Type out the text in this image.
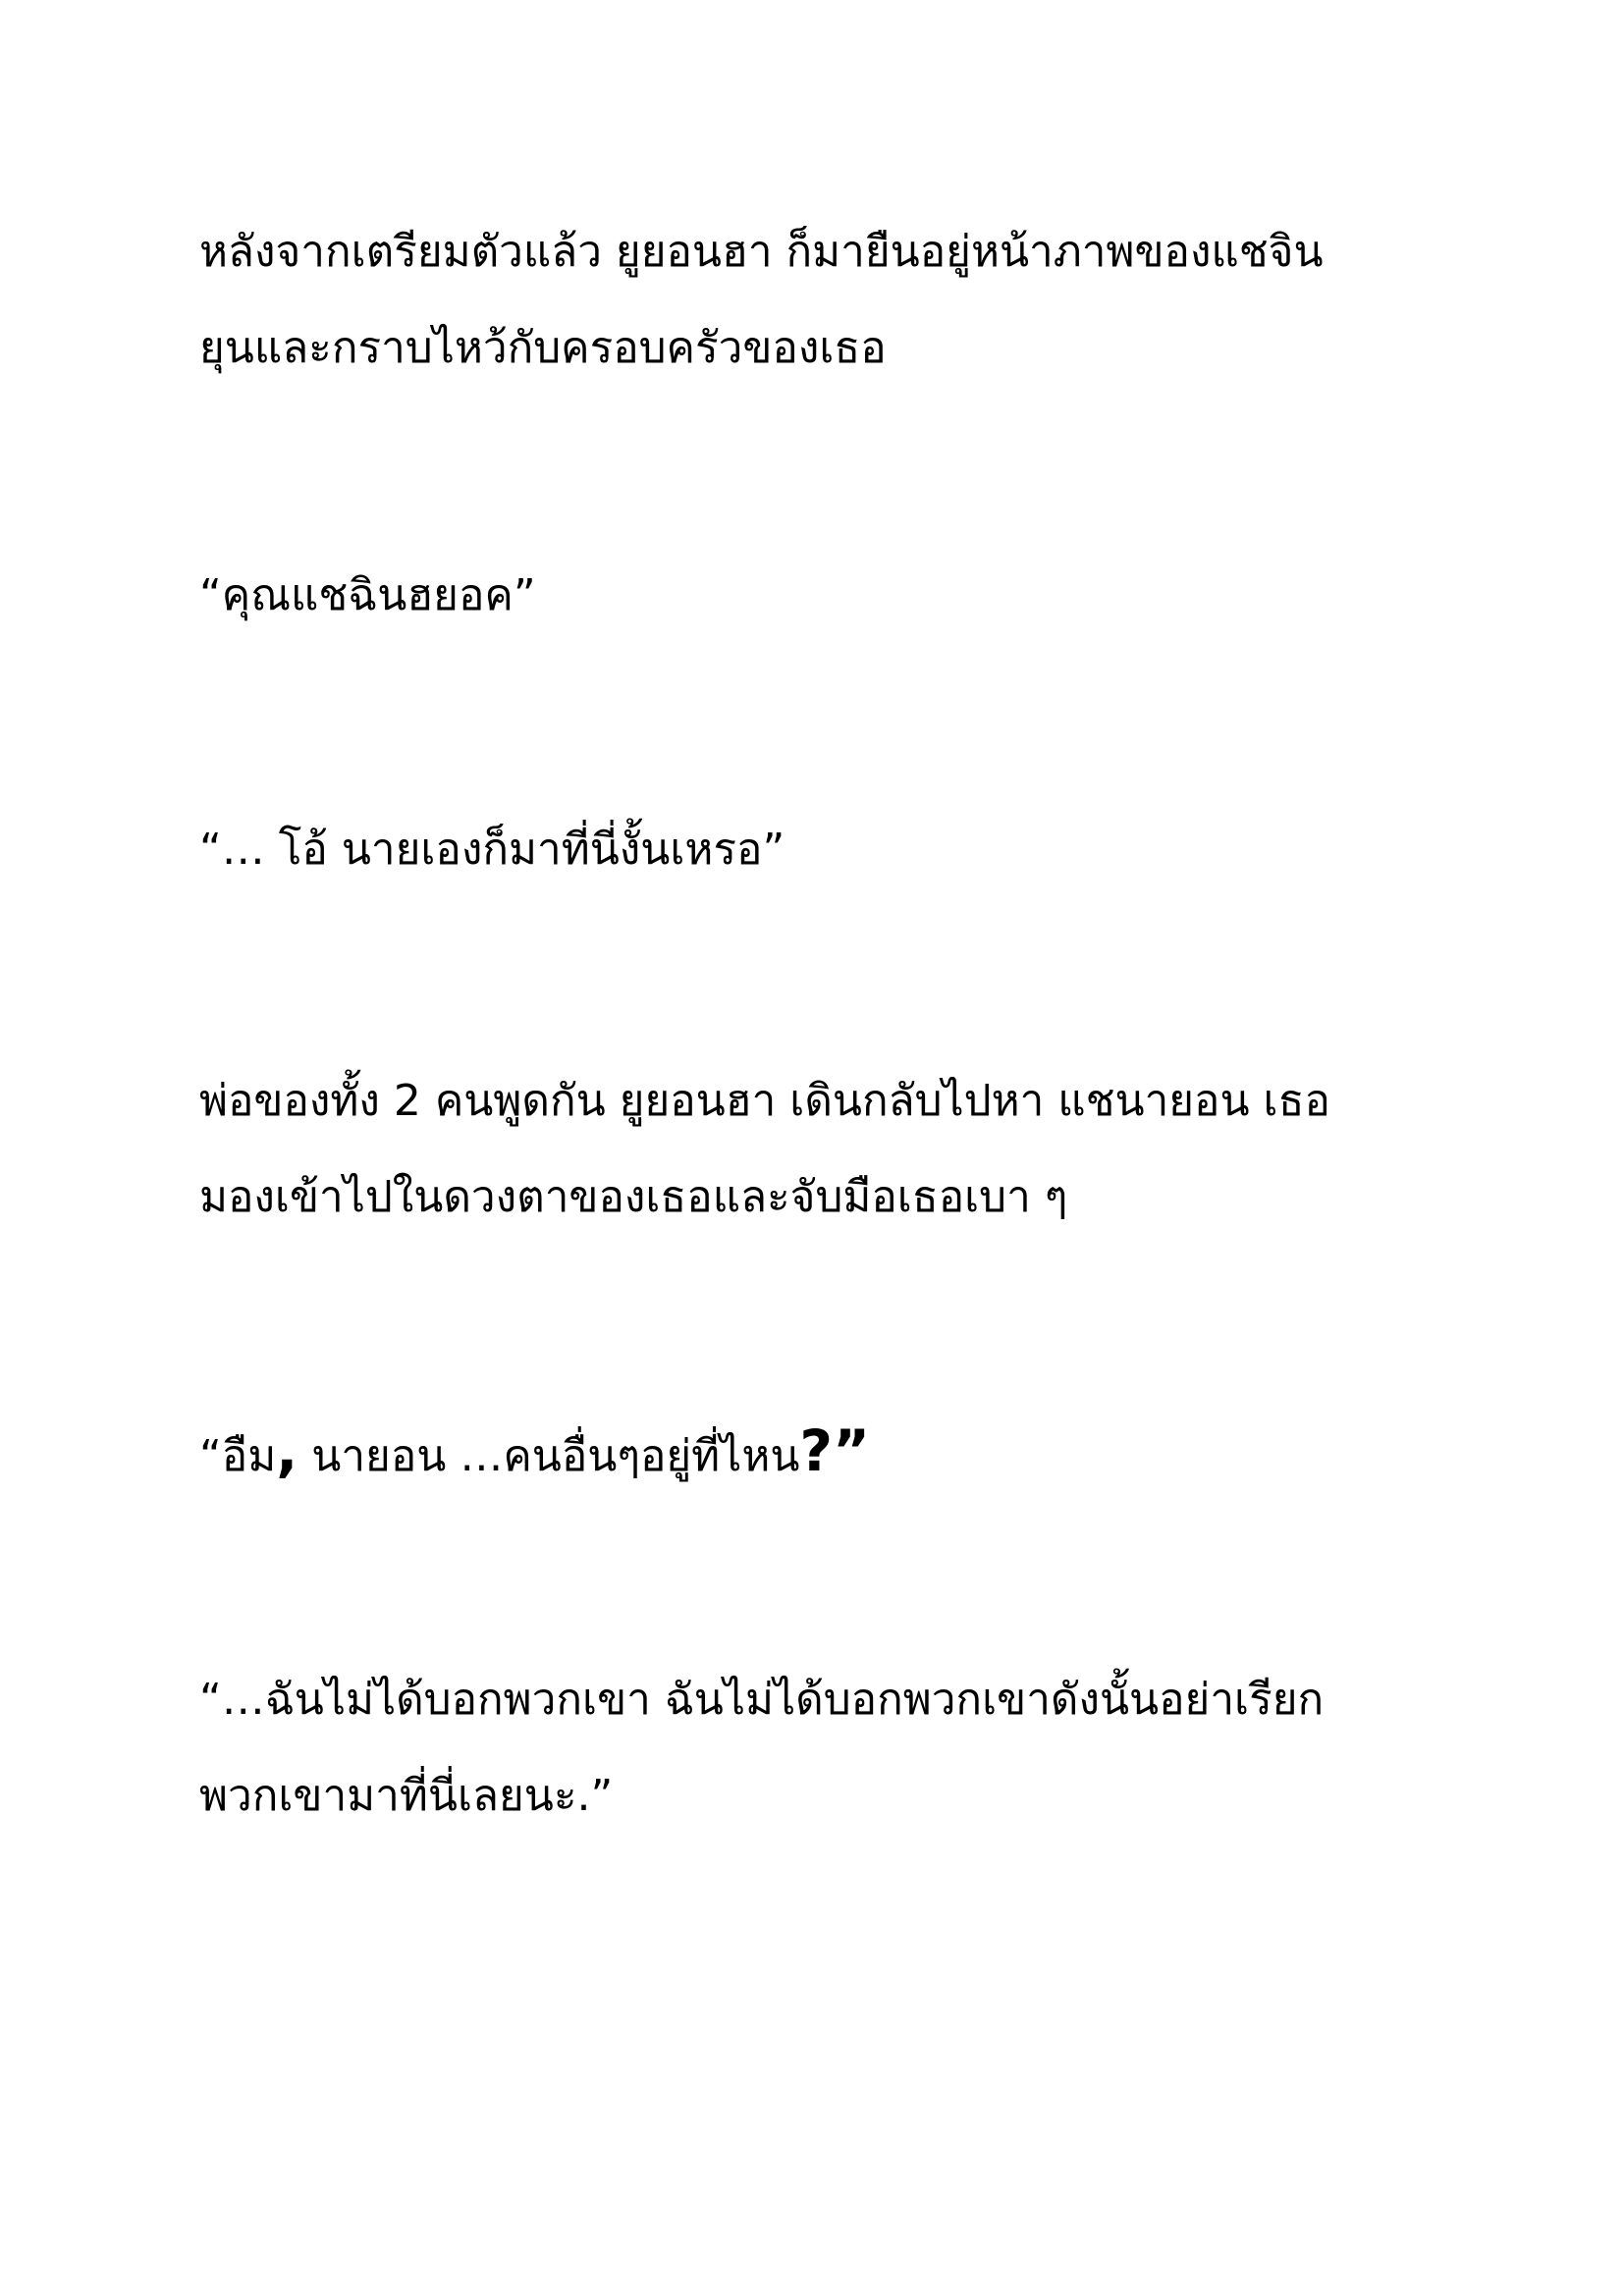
หลังจากเตรียมตัวแล้ว ยูยอนฮา ก็มายืนอยู่หน้าภาพของแชจิน
ยุนและกราบไหว้กับครอบครัวของเธอ

“คุณแชฉินฮยอค”

“… โอ้ นายเองก็มาที่นี่งั้นเหรอ”

พ่อของทั้ง 2 คนพูดกัน ยูยอนฮา เดินกลับไปหา แชนายอน เธอ
มองเข้าไปในดวงตาของเธอและจับมือเธอเบา ๆ

“อืม, นายอน …คนอื่นๆอยู่ที่ไหน?”

“…ฉันไม่ได้บอกพวกเขา ฉันไม่ได้บอกพวกเขาดังนั้นอย่าเรียก
พวกเขามาที่นี่เลยนะ.”
